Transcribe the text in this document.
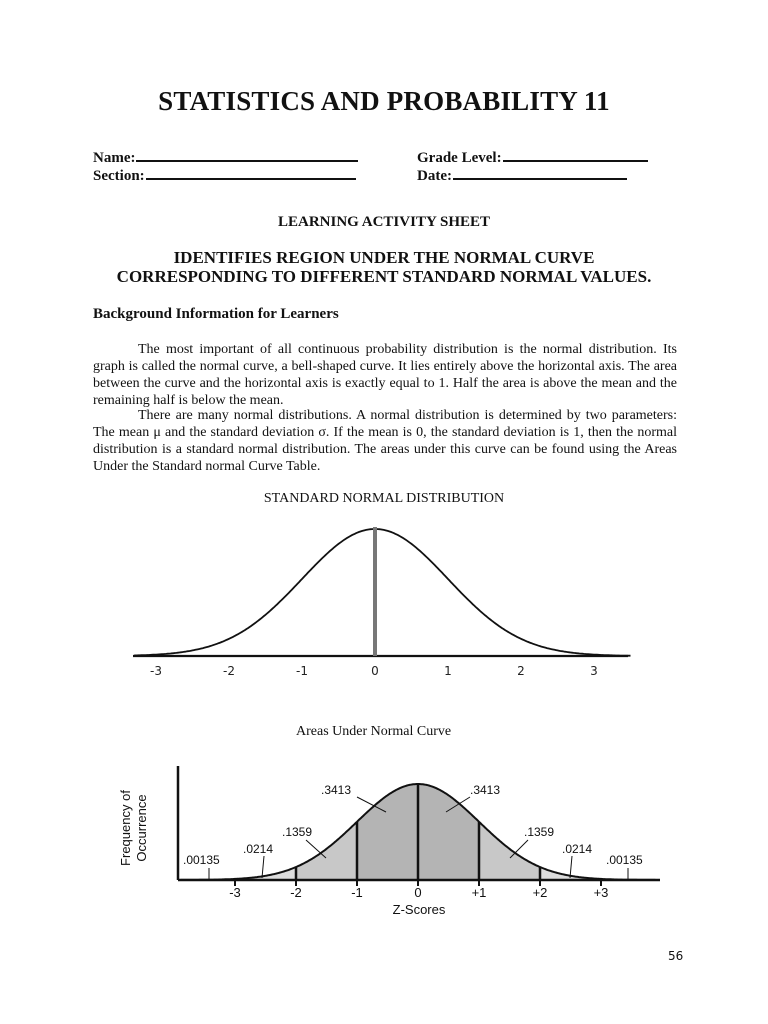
STATISTICS AND PROBABILITY 11
Name:
Section:
Grade Level:
Date:
LEARNING ACTIVITY SHEET
IDENTIFIES REGION UNDER THE NORMAL CURVE
CORRESPONDING TO DIFFERENT STANDARD NORMAL VALUES.
Background Information for Learners
The most important of all continuous probability distribution is the normal distribution. Its graph is called the normal curve, a bell-shaped curve. It lies entirely above the horizontal axis. The area between the curve and the horizontal axis is exactly equal to 1. Half the area is above the mean and the remaining half is below the mean.
There are many normal distributions. A normal distribution is determined by two parameters: The mean μ and the standard deviation σ. If the mean is 0, the standard deviation is 1, then the normal distribution is a standard normal distribution. The areas under this curve can be found using the Areas Under the Standard normal Curve Table.
STANDARD NORMAL DISTRIBUTION
-3	-2	-1	0	1	2	3
Areas Under Normal Curve
-3	-2	-1	0	+1	+2	+3
Z-Scores
Frequency of Occurrence	.00135
.0214
.1359
.3413	.3413
.1359
.0214
.00135
56
